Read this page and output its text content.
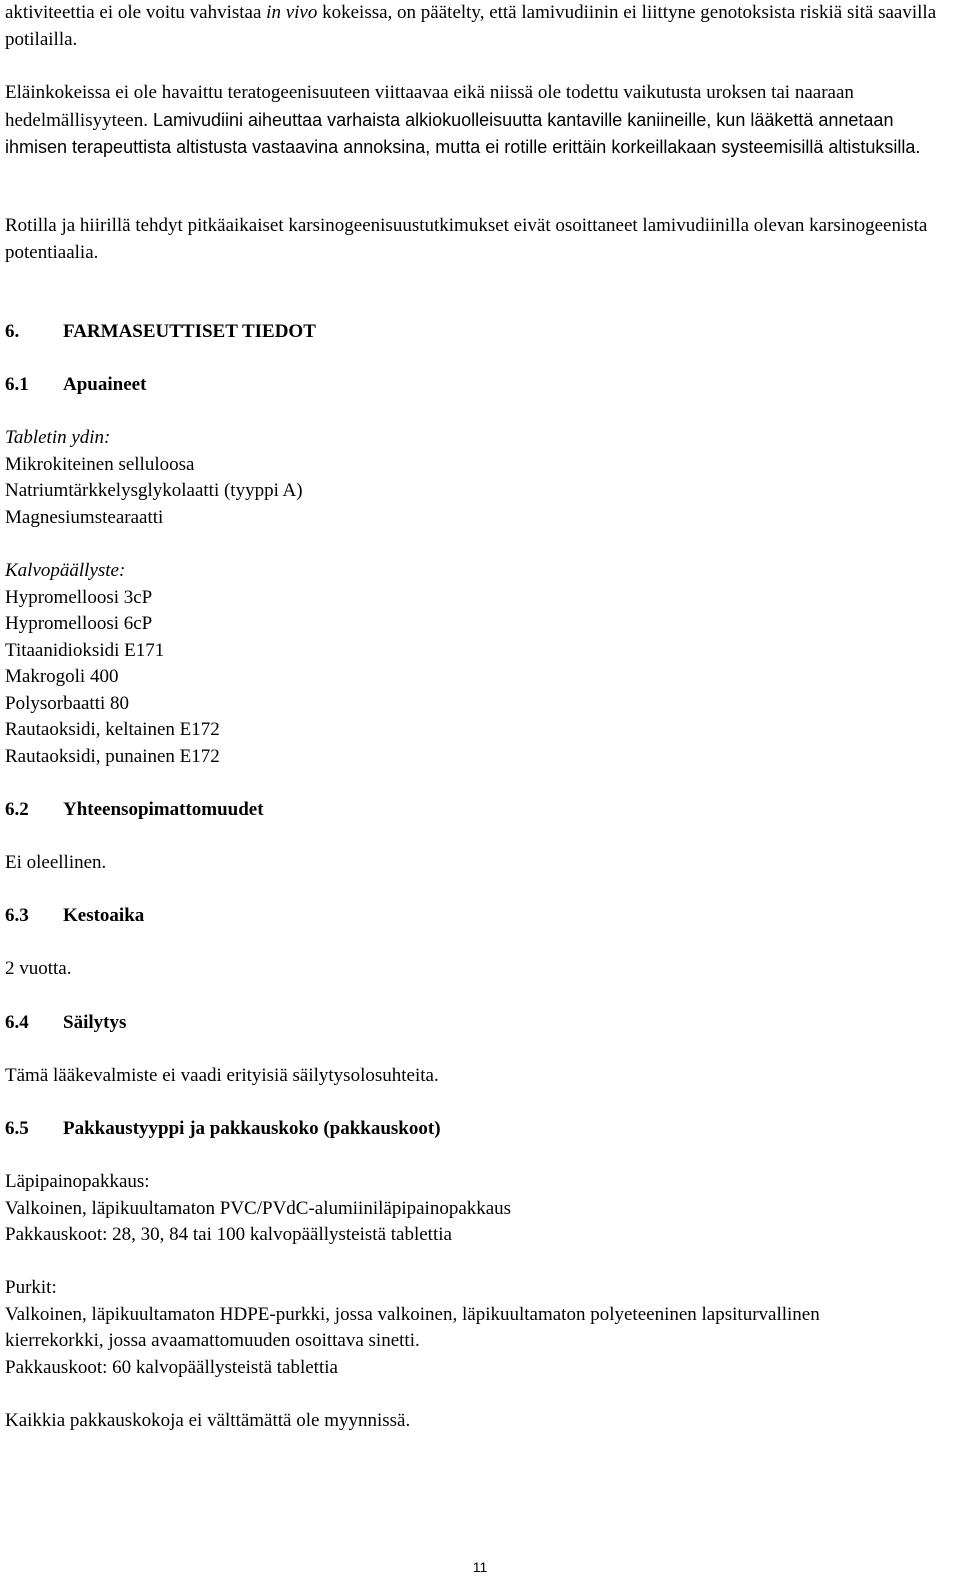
aktiviteettia ei ole voitu vahvistaa in vivo kokeissa, on päätelty, että lamivudiinin ei liittyne genotoksista riskiä sitä saavilla potilailla.

Eläinkokeissa ei ole havaittu teratogeenisuuteen viittaavaa eikä niissä ole todettu vaikutusta uroksen tai naaraan hedelmällisyyteen. Lamivudiini aiheuttaa varhaista alkiokuolleisuutta kantaville kaniineille, kun lääkettä annetaan ihmisen terapeuttista altistusta vastaavina annoksina, mutta ei rotille erittäin korkeillakaan systeemisillä altistuksilla.

Rotilla ja hiirillä tehdyt pitkäaikaiset karsinogeenisuustutkimukset eivät osoittaneet lamivudiinilla olevan karsinogeenista potentiaalia.

6. FARMASEUTTISET TIEDOT

6.1 Apuaineet

Tabletin ydin:
Mikrokiteinen selluloosa
Natriumtärkkelysglykolaatti (tyyppi A)
Magnesiumstearaatti
Kalvopäällyste:
Hypromelloosi 3cP
Hypromelloosi 6cP
Titaanidioksidi E171
Makrogoli 400
Polysorbaatti 80
Rautaoksidi, keltainen E172
Rautaoksidi, punainen E172

6.2 Yhteensopimattomuudet

Ei oleellinen.

6.3 Kestoaika

2 vuotta.

6.4 Säilytys

Tämä lääkevalmiste ei vaadi erityisiä säilytysolosuhteita.

6.5 Pakkaustyyppi ja pakkauskoko (pakkauskoot)

Läpipainopakkaus:
Valkoinen, läpikuultamaton PVC/PVdC-alumiiniläpipainopakkaus
Pakkauskoot: 28, 30, 84 tai 100 kalvopäällysteistä tablettia
Purkit:
Valkoinen, läpikuultamaton HDPE-purkki, jossa valkoinen, läpikuultamaton polyeteeninen lapsiturvallinen kierrekorkki, jossa avaamattomuuden osoittava sinetti.
Pakkauskoot: 60 kalvopäällysteistä tablettia

Kaikkia pakkauskokoja ei välttämättä ole myynnissä.

11
